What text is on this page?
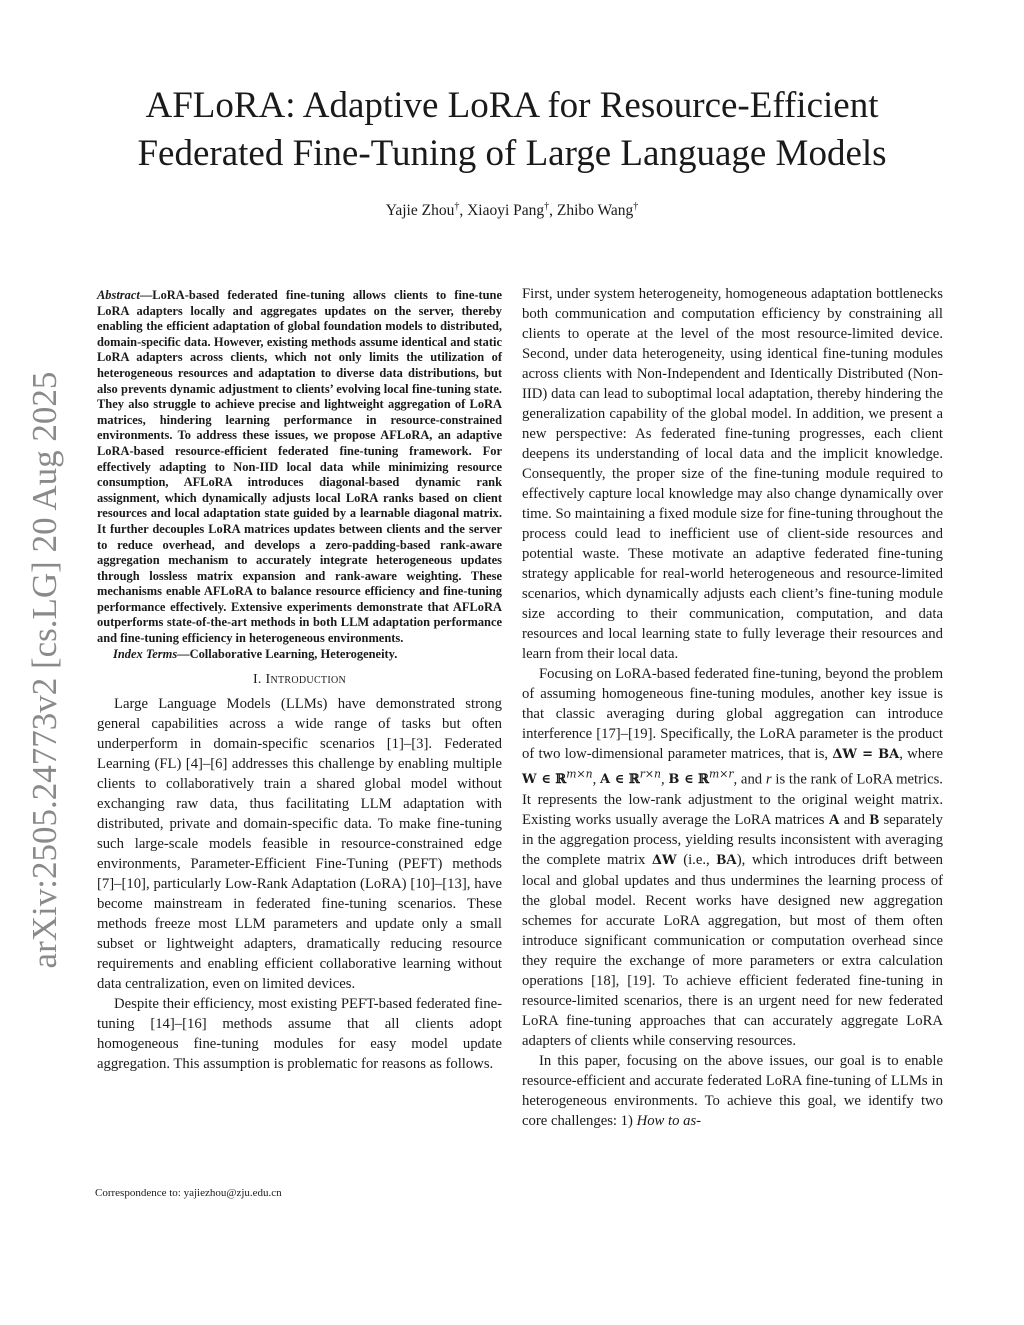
AFLoRA: Adaptive LoRA for Resource-Efficient
Federated Fine-Tuning of Large Language Models
Yajie Zhou†, Xiaoyi Pang†, Zhibo Wang†
arXiv:2505.24773v2 [cs.LG] 20 Aug 2025

Abstract—LoRA-based federated fine-tuning allows clients to fine-tune LoRA adapters locally and aggregates updates on the server, thereby enabling the efficient adaptation of global foundation models to distributed, domain-specific data. However, existing methods assume identical and static LoRA adapters across clients, which not only limits the utilization of heterogeneous resources and adaptation to diverse data distributions, but also prevents dynamic adjustment to clients’ evolving local fine-tuning state. They also struggle to achieve precise and lightweight aggregation of LoRA matrices, hindering learning performance in resource-constrained environments. To address these issues, we propose AFLoRA, an adaptive LoRA-based resource-efficient federated fine-tuning framework. For effectively adapting to Non-IID local data while minimizing resource consumption, AFLoRA introduces diagonal-based dynamic rank assignment, which dynamically adjusts local LoRA ranks based on client resources and local adaptation state guided by a learnable diagonal matrix. It further decouples LoRA matrices updates between clients and the server to reduce overhead, and develops a zero-padding-based rank-aware aggregation mechanism to accurately integrate heterogeneous updates through lossless matrix expansion and rank-aware weighting. These mechanisms enable AFLoRA to balance resource efficiency and fine-tuning performance effectively. Extensive experiments demonstrate that AFLoRA outperforms state-of-the-art methods in both LLM adaptation performance and fine-tuning efficiency in heterogeneous environments.

Index Terms—Collaborative Learning, Heterogeneity.

I. Introduction

Large Language Models (LLMs) have demonstrated strong general capabilities across a wide range of tasks but often underperform in domain-specific scenarios [1]–[3]. Federated Learning (FL) [4]–[6] addresses this challenge by enabling multiple clients to collaboratively train a shared global model without exchanging raw data, thus facilitating LLM adaptation with distributed, private and domain-specific data. To make fine-tuning such large-scale models feasible in resource-constrained edge environments, Parameter-Efficient Fine-Tuning (PEFT) methods [7]–[10], particularly Low-Rank Adaptation (LoRA) [10]–[13], have become mainstream in federated fine-tuning scenarios. These methods freeze most LLM parameters and update only a small subset or lightweight adapters, dramatically reducing resource requirements and enabling efficient collaborative learning without data centralization, even on limited devices.

Despite their efficiency, most existing PEFT-based federated fine-tuning [14]–[16] methods assume that all clients adopt homogeneous fine-tuning modules for easy model update aggregation. This assumption is problematic for reasons as follows.

Correspondence to: yajiezhou@zju.edu.cn

First, under system heterogeneity, homogeneous adaptation bottlenecks both communication and computation efficiency by constraining all clients to operate at the level of the most resource-limited device. Second, under data heterogeneity, using identical fine-tuning modules across clients with Non-Independent and Identically Distributed (Non-IID) data can lead to suboptimal local adaptation, thereby hindering the generalization capability of the global model. In addition, we present a new perspective: As federated fine-tuning progresses, each client deepens its understanding of local data and the implicit knowledge. Consequently, the proper size of the fine-tuning module required to effectively capture local knowledge may also change dynamically over time. So maintaining a fixed module size for fine-tuning throughout the process could lead to inefficient use of client-side resources and potential waste. These motivate an adaptive federated fine-tuning strategy applicable for real-world heterogeneous and resource-limited scenarios, which dynamically adjusts each client’s fine-tuning module size according to their communication, computation, and data resources and local learning state to fully leverage their resources and learn from their local data.

Focusing on LoRA-based federated fine-tuning, beyond the problem of assuming homogeneous fine-tuning modules, another key issue is that classic averaging during global aggregation can introduce interference [17]–[19]. Specifically, the LoRA parameter is the product of two low-dimensional parameter matrices, that is, ΔW = BA, where W ∈ ℝ$^{m\times n}$, A ∈ ℝ$^{r\times n}$, B ∈ ℝ$^{m\times r}$, and r is the rank of LoRA metrics. It represents the low-rank adjustment to the original weight matrix. Existing works usually average the LoRA matrices A and B separately in the aggregation process, yielding results inconsistent with averaging the complete matrix ΔW (i.e., BA), which introduces drift between local and global updates and thus undermines the learning process of the global model. Recent works have designed new aggregation schemes for accurate LoRA aggregation, but most of them often introduce significant communication or computation overhead since they require the exchange of more parameters or extra calculation operations [18], [19]. To achieve efficient federated fine-tuning in resource-limited scenarios, there is an urgent need for new federated LoRA fine-tuning approaches that can accurately aggregate LoRA adapters of clients while conserving resources.

In this paper, focusing on the above issues, our goal is to enable resource-efficient and accurate federated LoRA fine-tuning of LLMs in heterogeneous environments. To achieve this goal, we identify two core challenges: 1) How to as-
